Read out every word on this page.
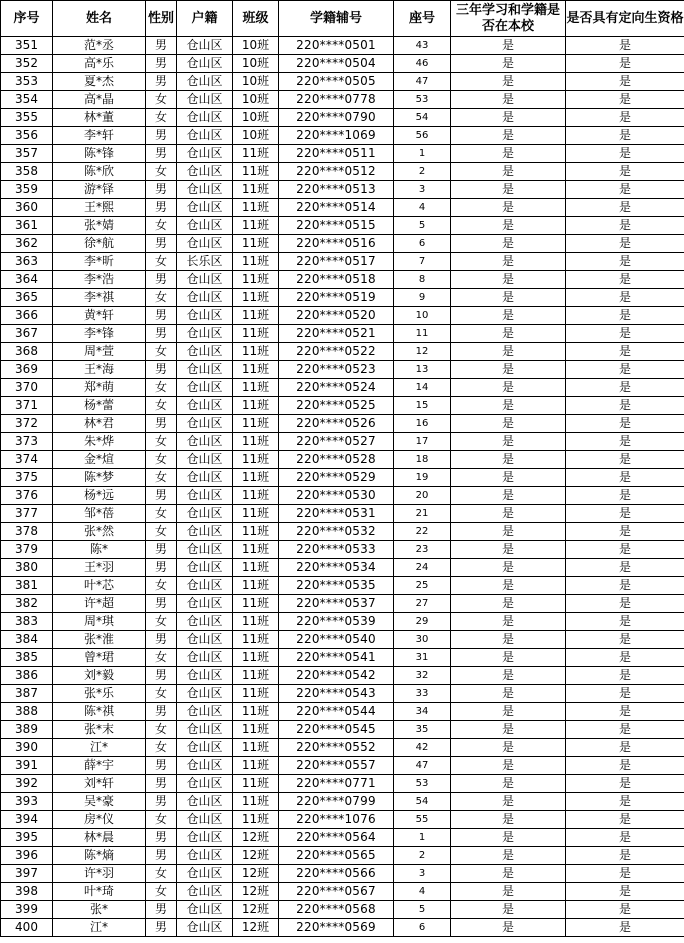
序号	姓名	性别	户籍	班级	学籍辅号	座号	三年学习和学籍是否在本校	是否具有定向生资格
351	范*丞	男	仓山区	10班	220****0501	43	是	是
352	高*乐	男	仓山区	10班	220****0504	46	是	是
353	夏*杰	男	仓山区	10班	220****0505	47	是	是
354	高*晶	女	仓山区	10班	220****0778	53	是	是
355	林*董	女	仓山区	10班	220****0790	54	是	是
356	李*轩	男	仓山区	10班	220****1069	56	是	是
357	陈*锋	男	仓山区	11班	220****0511	1	是	是
358	陈*欣	女	仓山区	11班	220****0512	2	是	是
359	游*铎	男	仓山区	11班	220****0513	3	是	是
360	王*熙	男	仓山区	11班	220****0514	4	是	是
361	张*婧	女	仓山区	11班	220****0515	5	是	是
362	徐*航	男	仓山区	11班	220****0516	6	是	是
363	李*昕	女	长乐区	11班	220****0517	7	是	是
364	李*浩	男	仓山区	11班	220****0518	8	是	是
365	李*祺	女	仓山区	11班	220****0519	9	是	是
366	黄*轩	男	仓山区	11班	220****0520	10	是	是
367	李*锋	男	仓山区	11班	220****0521	11	是	是
368	周*萱	女	仓山区	11班	220****0522	12	是	是
369	王*海	男	仓山区	11班	220****0523	13	是	是
370	郑*萌	女	仓山区	11班	220****0524	14	是	是
371	杨*蕾	女	仓山区	11班	220****0525	15	是	是
372	林*君	男	仓山区	11班	220****0526	16	是	是
373	朱*烨	女	仓山区	11班	220****0527	17	是	是
374	金*煊	女	仓山区	11班	220****0528	18	是	是
375	陈*梦	女	仓山区	11班	220****0529	19	是	是
376	杨*远	男	仓山区	11班	220****0530	20	是	是
377	邹*蓓	女	仓山区	11班	220****0531	21	是	是
378	张*然	女	仓山区	11班	220****0532	22	是	是
379	陈*	男	仓山区	11班	220****0533	23	是	是
380	王*羽	男	仓山区	11班	220****0534	24	是	是
381	叶*芯	女	仓山区	11班	220****0535	25	是	是
382	许*超	男	仓山区	11班	220****0537	27	是	是
383	周*琪	女	仓山区	11班	220****0539	29	是	是
384	张*淮	男	仓山区	11班	220****0540	30	是	是
385	曾*珺	女	仓山区	11班	220****0541	31	是	是
386	刘*毅	男	仓山区	11班	220****0542	32	是	是
387	张*乐	女	仓山区	11班	220****0543	33	是	是
388	陈*祺	男	仓山区	11班	220****0544	34	是	是
389	张*末	女	仓山区	11班	220****0545	35	是	是
390	江*	女	仓山区	11班	220****0552	42	是	是
391	薛*宇	男	仓山区	11班	220****0557	47	是	是
392	刘*轩	男	仓山区	11班	220****0771	53	是	是
393	吴*豪	男	仓山区	11班	220****0799	54	是	是
394	房*仪	女	仓山区	11班	220****1076	55	是	是
395	林*晨	男	仓山区	12班	220****0564	1	是	是
396	陈*熵	男	仓山区	12班	220****0565	2	是	是
397	许*羽	女	仓山区	12班	220****0566	3	是	是
398	叶*琦	女	仓山区	12班	220****0567	4	是	是
399	张*	男	仓山区	12班	220****0568	5	是	是
400	江*	男	仓山区	12班	220****0569	6	是	是
